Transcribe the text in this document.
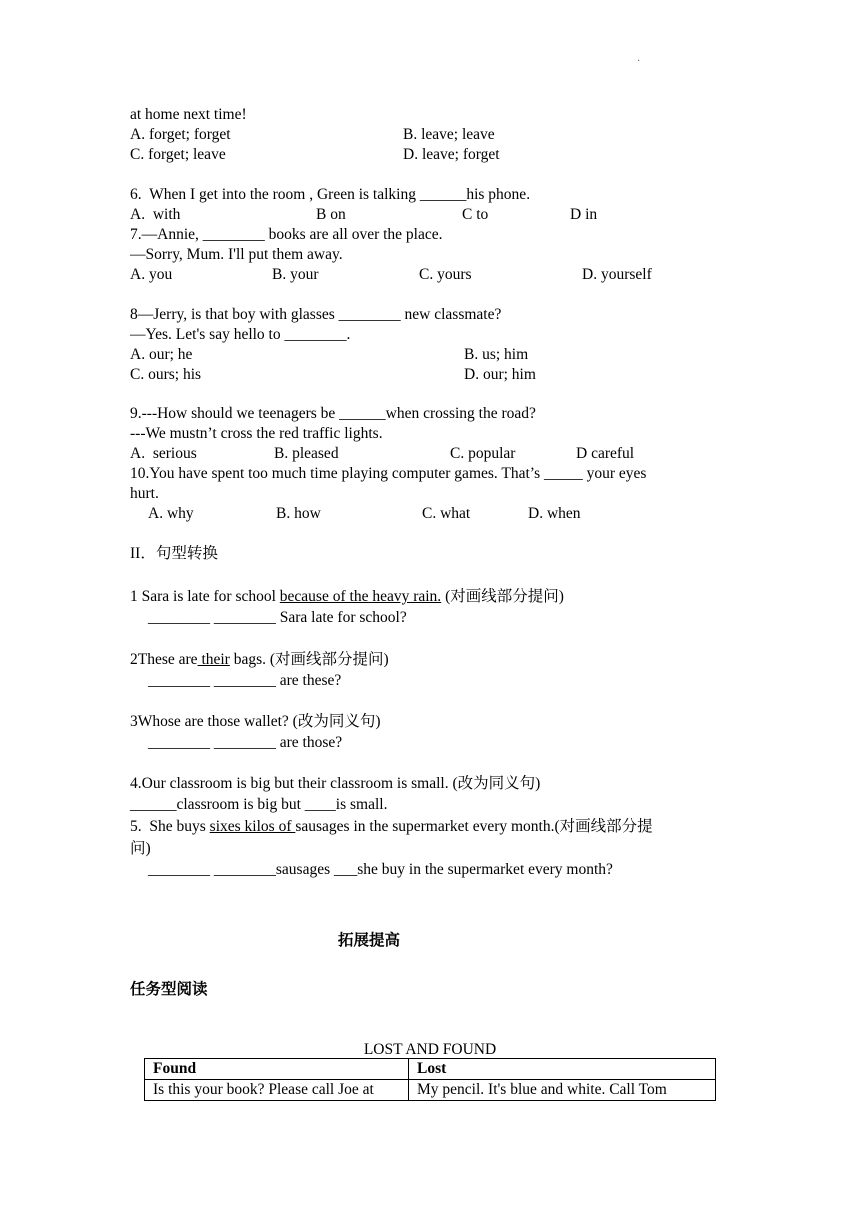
·
at home next time!
A. forget; forget	B. leave; leave
C. forget; leave	D. leave; forget
6.  When I get into the room , Green is talking ______his phone.
A.  with	B on	C to	D in
7.—Annie, ________ books are all over the place.
—Sorry, Mum. I'll put them away.
A. you	B. your	C. yours	D. yourself
8—Jerry, is that boy with glasses ________ new classmate?
—Yes. Let's say hello to ________.
A. our; he	B. us; him
C. ours; his	D. our; him
9.---How should we teenagers be ______when crossing the road?
---We mustn’t cross the red traffic lights.
A.  serious	B. pleased	C. popular	D careful
10.You have spent too much time playing computer games. That’s _____ your eyes
hurt.
A. why	B. how	C. what	D. when
II．句型转换
1 Sara is late for school because of the heavy rain. (对画线部分提问)
________ ________ Sara late for school?
2These are their bags. (对画线部分提问)
________ ________ are these?
3Whose are those wallet? (改为同义句)
________ ________ are those?
4.Our classroom is big but their classroom is small. (改为同义句)
______classroom is big but ____is small.
5.  She buys sixes kilos of sausages in the supermarket every month.(对画线部分提
问)
________ ________sausages ___she buy in the supermarket every month?
拓展提高
任务型阅读
LOST AND FOUND
Found	Lost
Is this your book? Please call Joe at	My pencil. It's blue and white. Call Tom
